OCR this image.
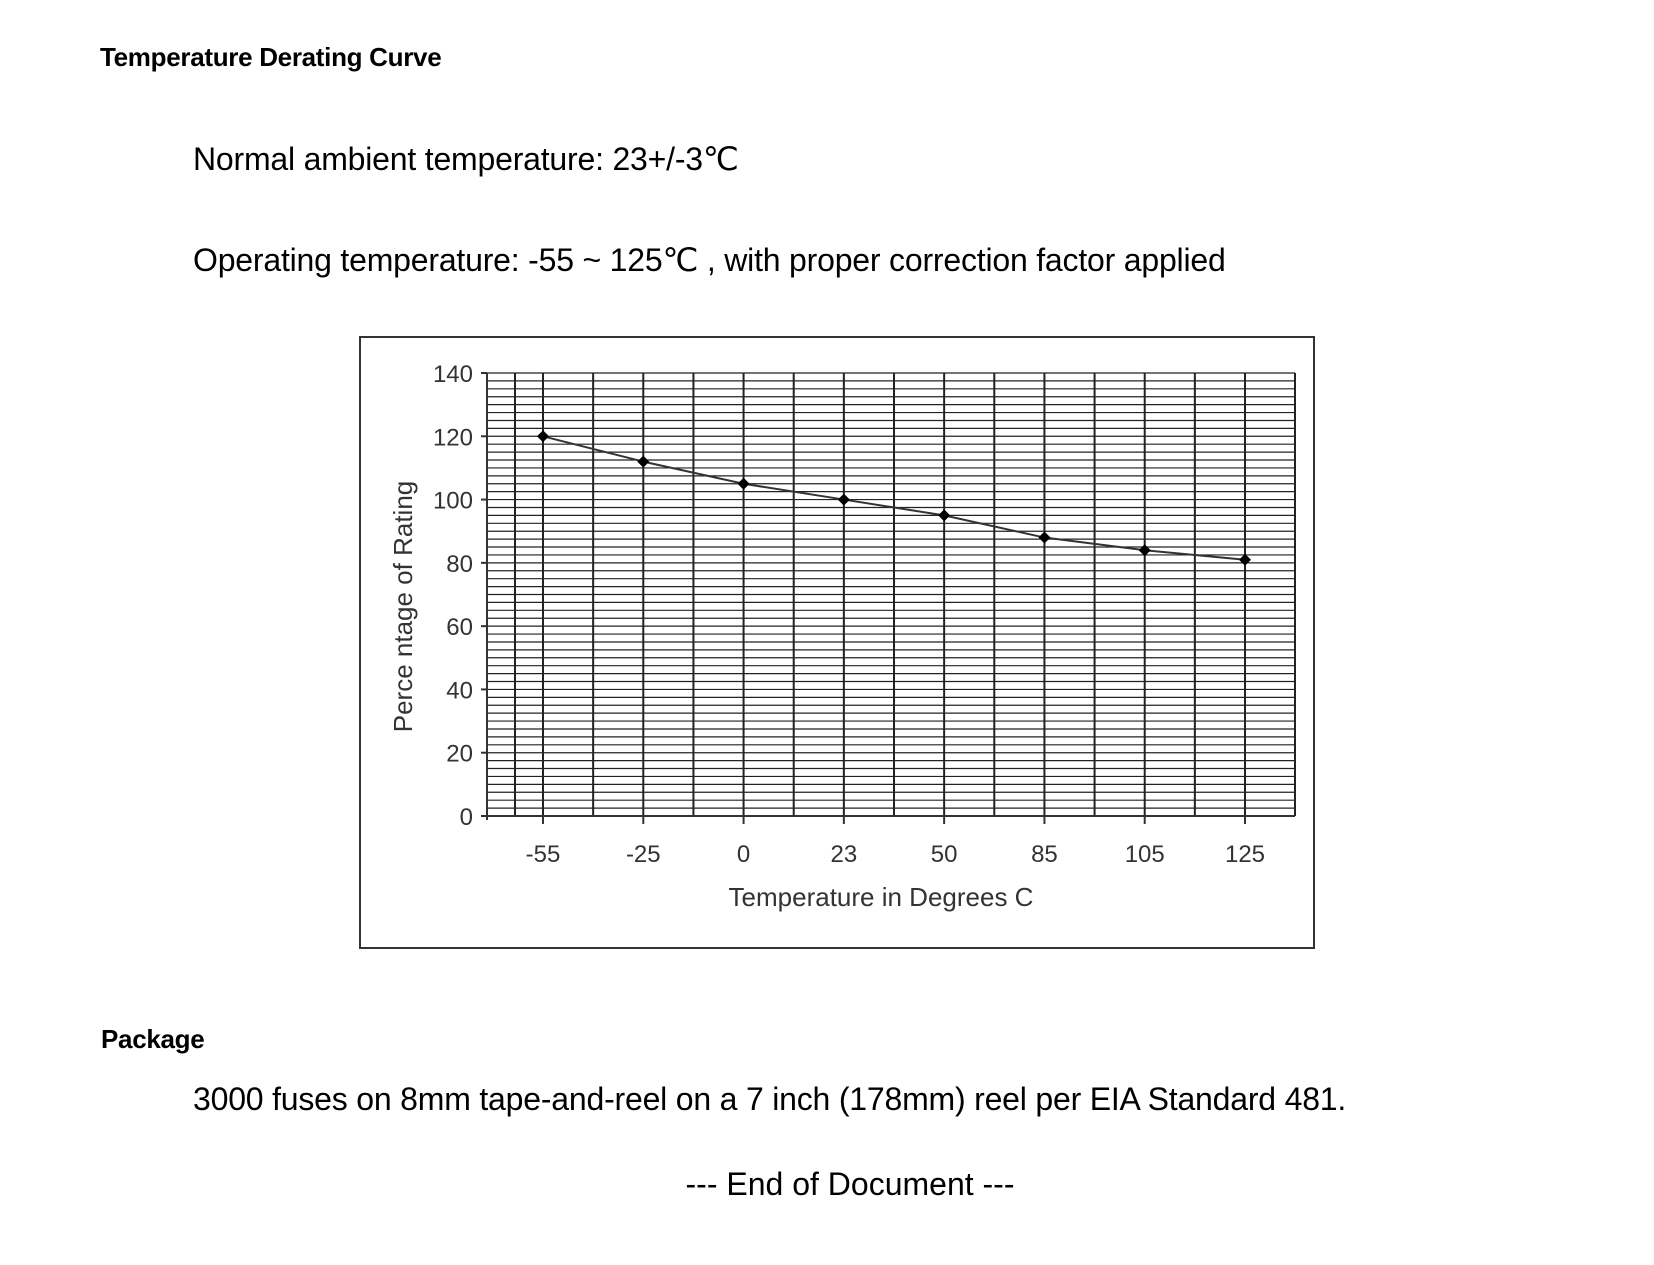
Temperature Derating Curve
Normal ambient temperature: 23+/-3℃
Operating temperature: -55 ~ 125℃ , with proper correction factor applied
0
20
40
60
80
100
120
140
-55	-25	0	23	50	85	105	125
Temperature in Degrees C
Perce ntage of Rating
Package
3000 fuses on 8mm tape-and-reel on a 7 inch (178mm) reel per EIA Standard 481.
--- End of Document ---
